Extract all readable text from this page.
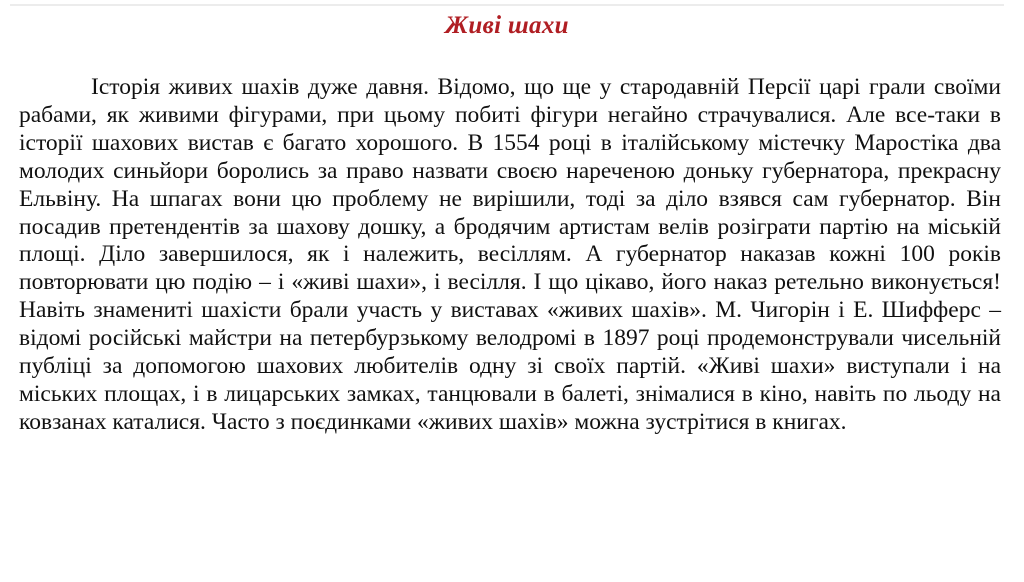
Живі шахи

Історія живих шахів дуже давня. Відомо, що ще у стародавній Персії царі грали своїми рабами, як живими фігурами, при цьому побиті фігури негайно страчувалися. Але все-таки в історії шахових вистав є багато хорошого. В 1554 році в італійському містечку Маростіка два молодих синьйори боролись за право назвати своєю нареченою доньку губернатора, прекрасну Ельвіну. На шпагах вони цю проблему не вирішили, тоді за діло взявся сам губернатор. Він посадив претендентів за шахову дошку, а бродячим артистам велів розіграти партію на міській площі. Діло завершилося, як і належить, весіллям. А губернатор наказав кожні 100 років повторювати цю подію – і «живі шахи», і весілля. І що цікаво, його наказ ретельно виконується! Навіть знамениті шахісти брали участь у виставах «живих шахів». М. Чигорін і Е. Шифферс – відомі російські майстри на петербурзькому велодромі в 1897 році продемонстрували чисельній публіці за допомогою шахових любителів одну зі своїх партій. «Живі шахи» виступали і на міських площах, і в лицарських замках, танцювали в балеті, знімалися в кіно, навіть по льоду на ковзанах каталися. Часто з поєдинками «живих шахів» можна зустрітися в книгах.
